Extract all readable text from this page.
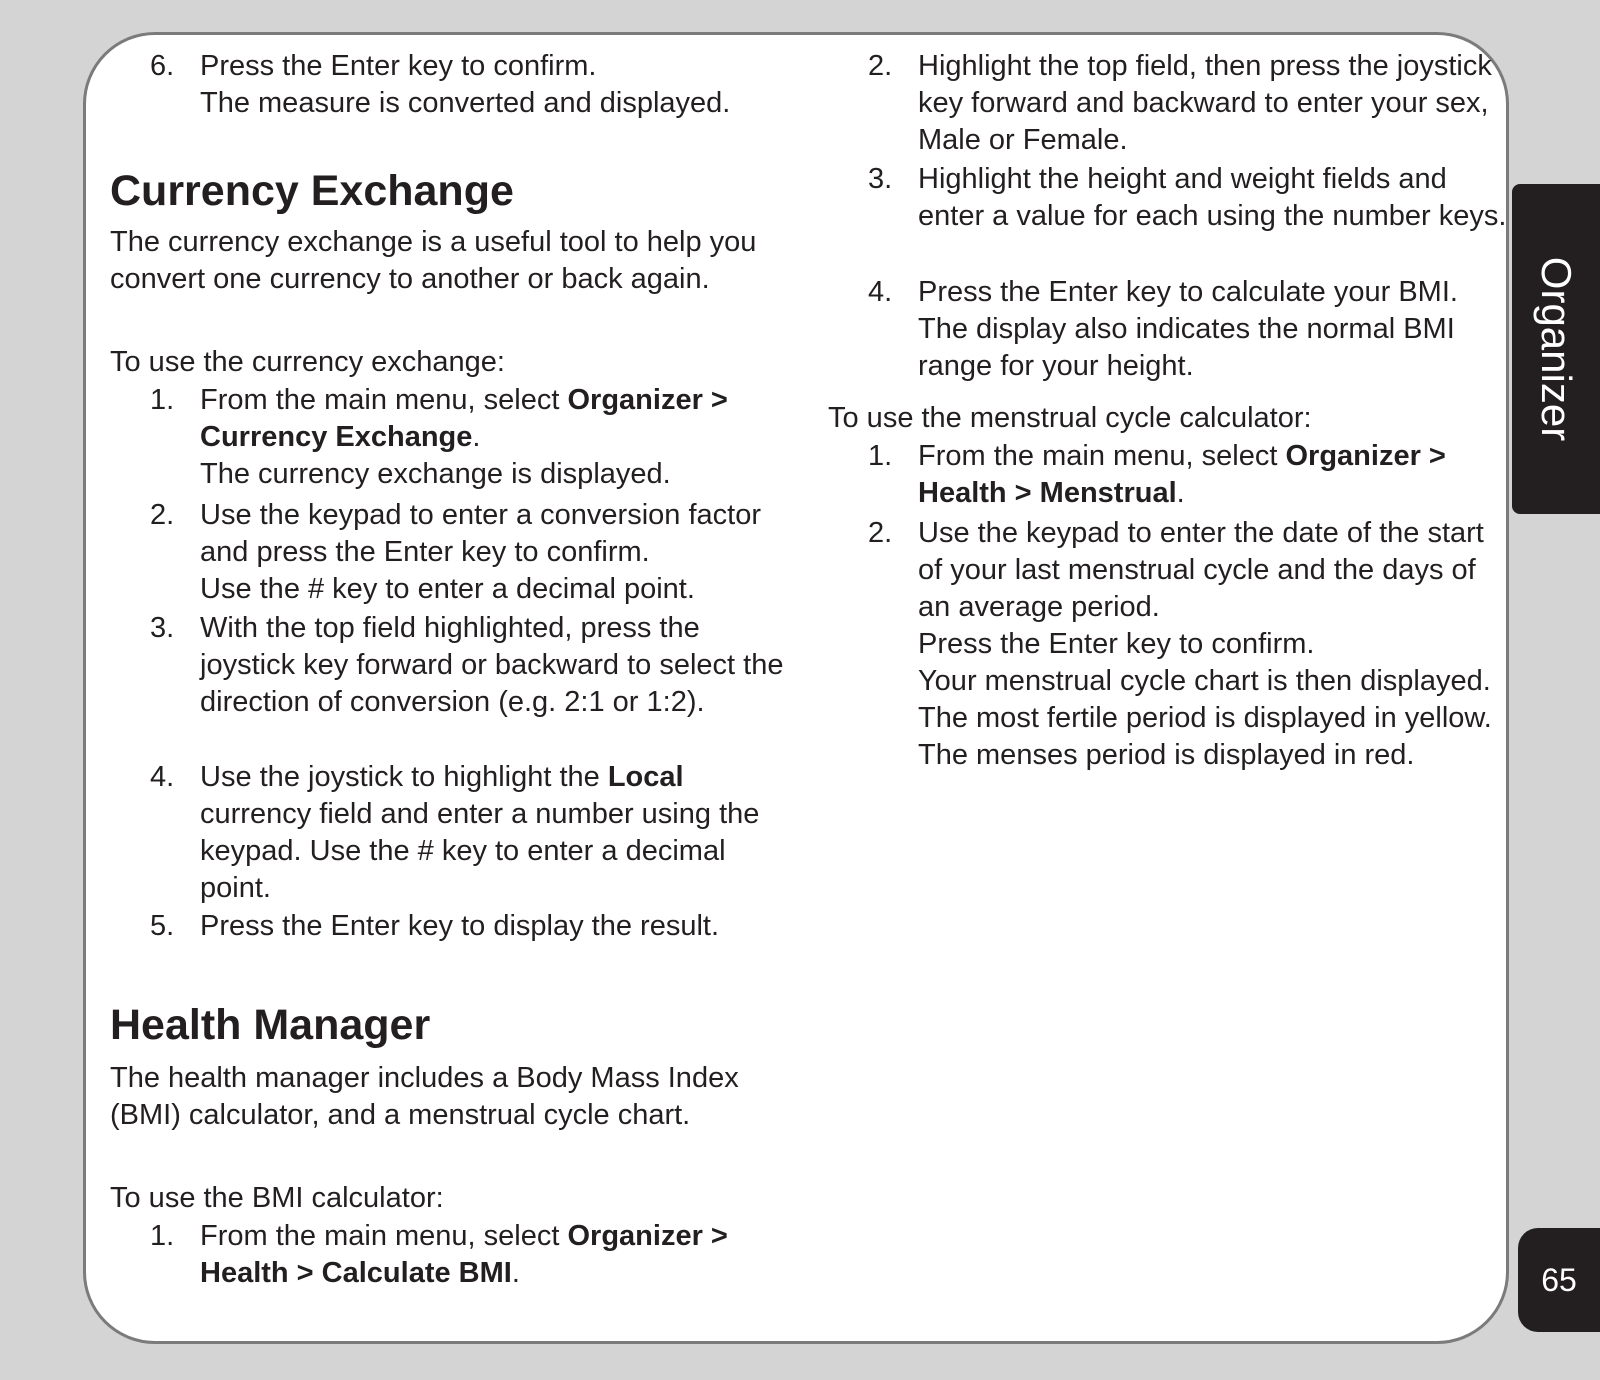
6. Press the Enter key to confirm.
The measure is converted and displayed.
Currency Exchange

The currency exchange is a useful tool to help you convert one currency to another or back again.

To use the currency exchange:

1. From the main menu, select Organizer > Currency Exchange.
The currency exchange is displayed.
2. Use the keypad to enter a conversion factor and press the Enter key to confirm.
Use the # key to enter a decimal point.
3. With the top field highlighted, press the joystick key forward or backward to select the direction of conversion (e.g. 2:1 or 1:2).
4. Use the joystick to highlight the Local currency field and enter a number using the keypad. Use the # key to enter a decimal point.
5. Press the Enter key to display the result.
Health Manager

The health manager includes a Body Mass Index (BMI) calculator, and a menstrual cycle chart.

To use the BMI calculator:

1. From the main menu, select Organizer > Health > Calculate BMI.
2. Highlight the top field, then press the joystick key forward and backward to enter your sex, Male or Female.
3. Highlight the height and weight fields and enter a value for each using the number keys.
4. Press the Enter key to calculate your BMI. The display also indicates the normal BMI range for your height.

To use the menstrual cycle calculator:

1. From the main menu, select Organizer > Health > Menstrual.
2. Use the keypad to enter the date of the start of your last menstrual cycle and the days of an average period.
Press the Enter key to confirm.
Your menstrual cycle chart is then displayed.
The most fertile period is displayed in yellow.
The menses period is displayed in red.
Organizer
65
